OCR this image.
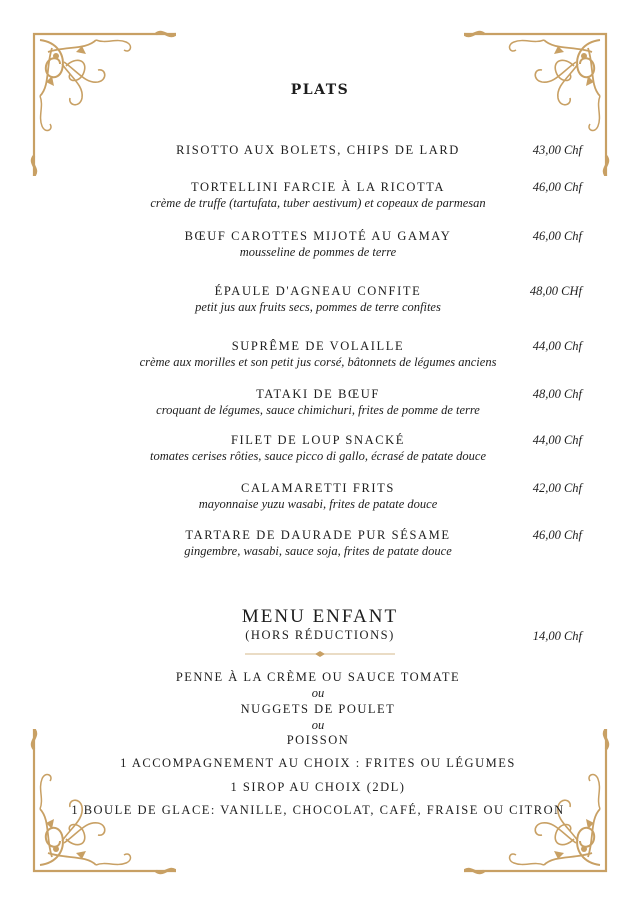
PLATS
RISOTTO AUX BOLETS, CHIPS DE LARD	43,00 Chf
TORTELLINI FARCIE À LA RICOTTA
crème de truffe (tartufata, tuber aestivum) et copeaux de parmesan
46,00 Chf
BŒUF CAROTTES MIJOTÉ AU GAMAY
mousseline de pommes de terre
46,00 Chf
ÉPAULE D'AGNEAU CONFITE
petit jus aux fruits secs, pommes de terre confites
48,00 CHf
SUPRÊME DE VOLAILLE
crème aux morilles et son petit jus corsé, bâtonnets de légumes anciens
44,00 Chf
TATAKI DE BŒUF
croquant de légumes, sauce chimichuri, frites de pomme de terre
48,00 Chf
FILET DE LOUP SNACKÉ
tomates cerises rôties, sauce picco di gallo, écrasé de patate douce
44,00 Chf
CALAMARETTI FRITS
mayonnaise yuzu wasabi, frites de patate douce
42,00 Chf
TARTARE DE DAURADE PUR SÉSAME
gingembre, wasabi, sauce soja, frites de patate douce
46,00 Chf
MENU ENFANT
(HORS RÉDUCTIONS)	14,00 Chf
PENNE À LA CRÈME OU SAUCE TOMATE
ou
NUGGETS DE POULET
ou
POISSON
1 ACCOMPAGNEMENT AU CHOIX : FRITES OU LÉGUMES
1 SIROP AU CHOIX (2DL)
1 BOULE DE GLACE: VANILLE, CHOCOLAT, CAFÉ, FRAISE OU CITRON
